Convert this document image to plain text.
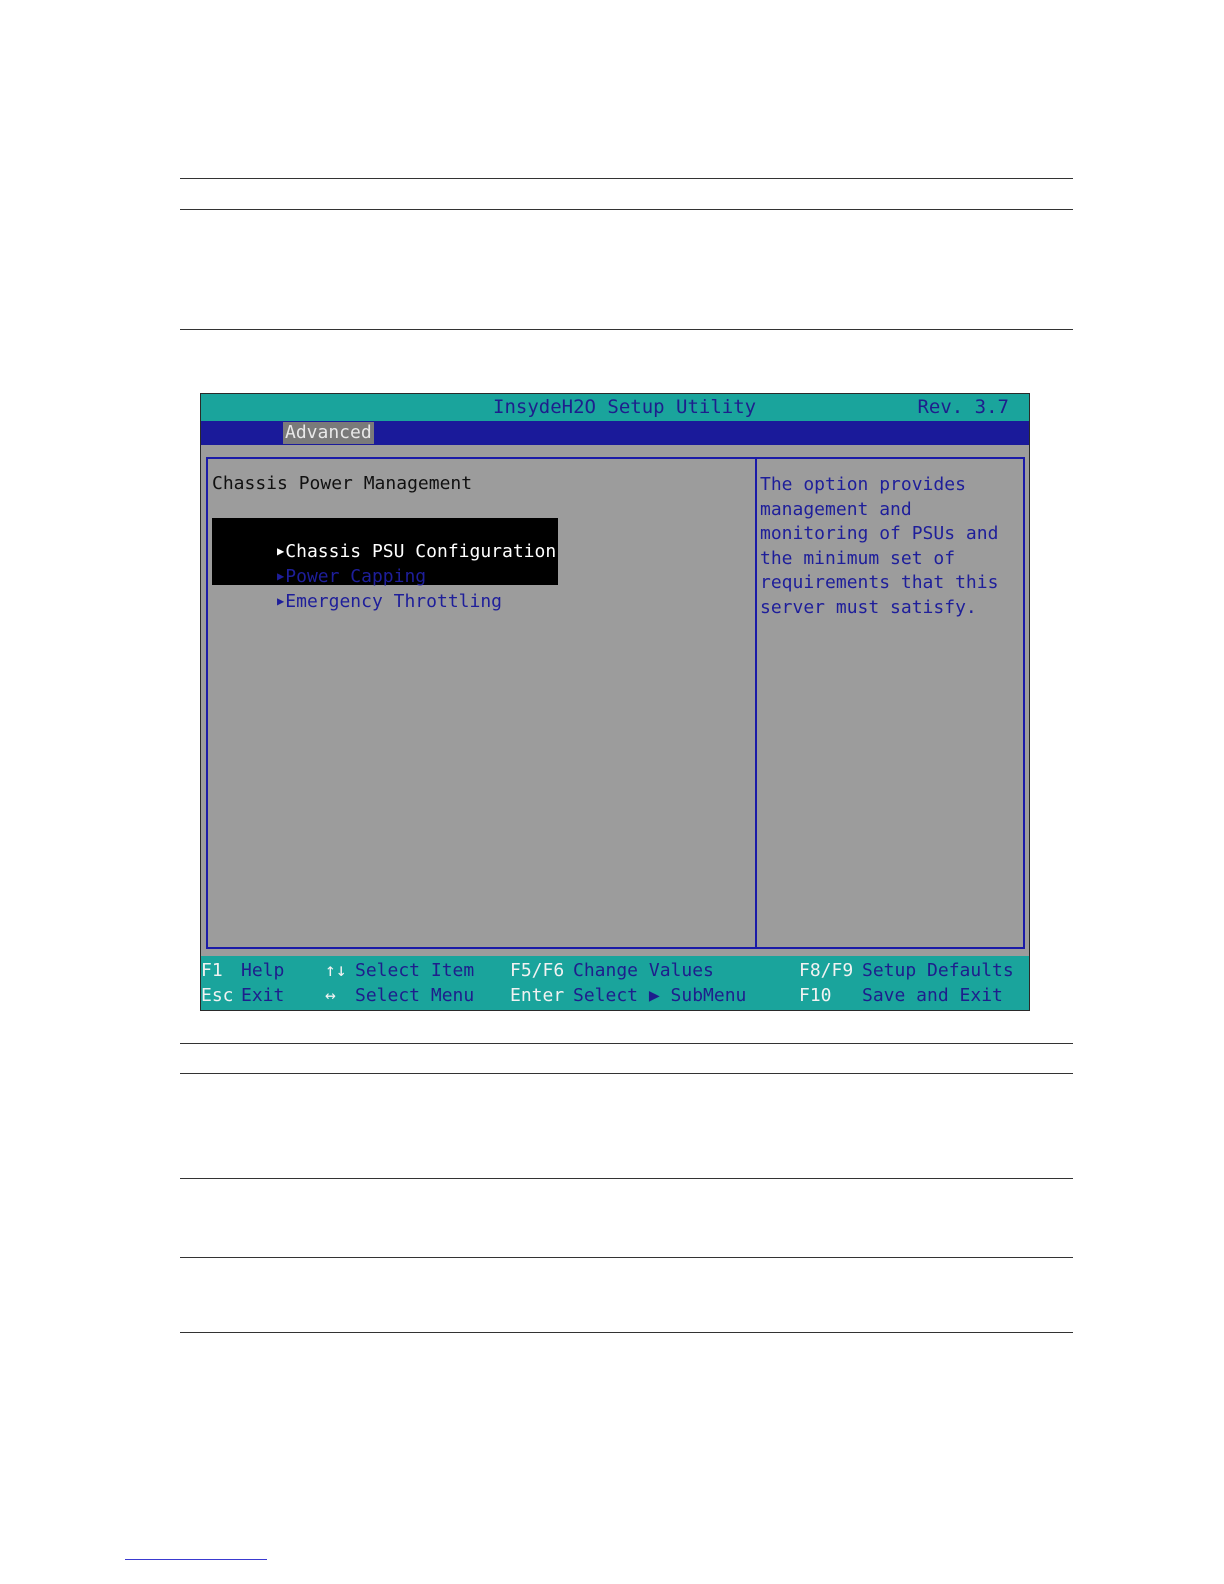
InsydeH2O Setup Utility	Rev. 3.7
Advanced
Chassis Power Management

▶Chassis PSU Configuration

▶Power Capping

▶Emergency Throttling

The option provides
management and
monitoring of PSUs and
the minimum set of
requirements that this
server must satisfy.
F1 Help
Esc Exit
↑↓ Select Item
↔ Select Menu
F5/F6 Change Values
Enter Select ▶ SubMenu
F8/F9 Setup Defaults
F10 Save and Exit
